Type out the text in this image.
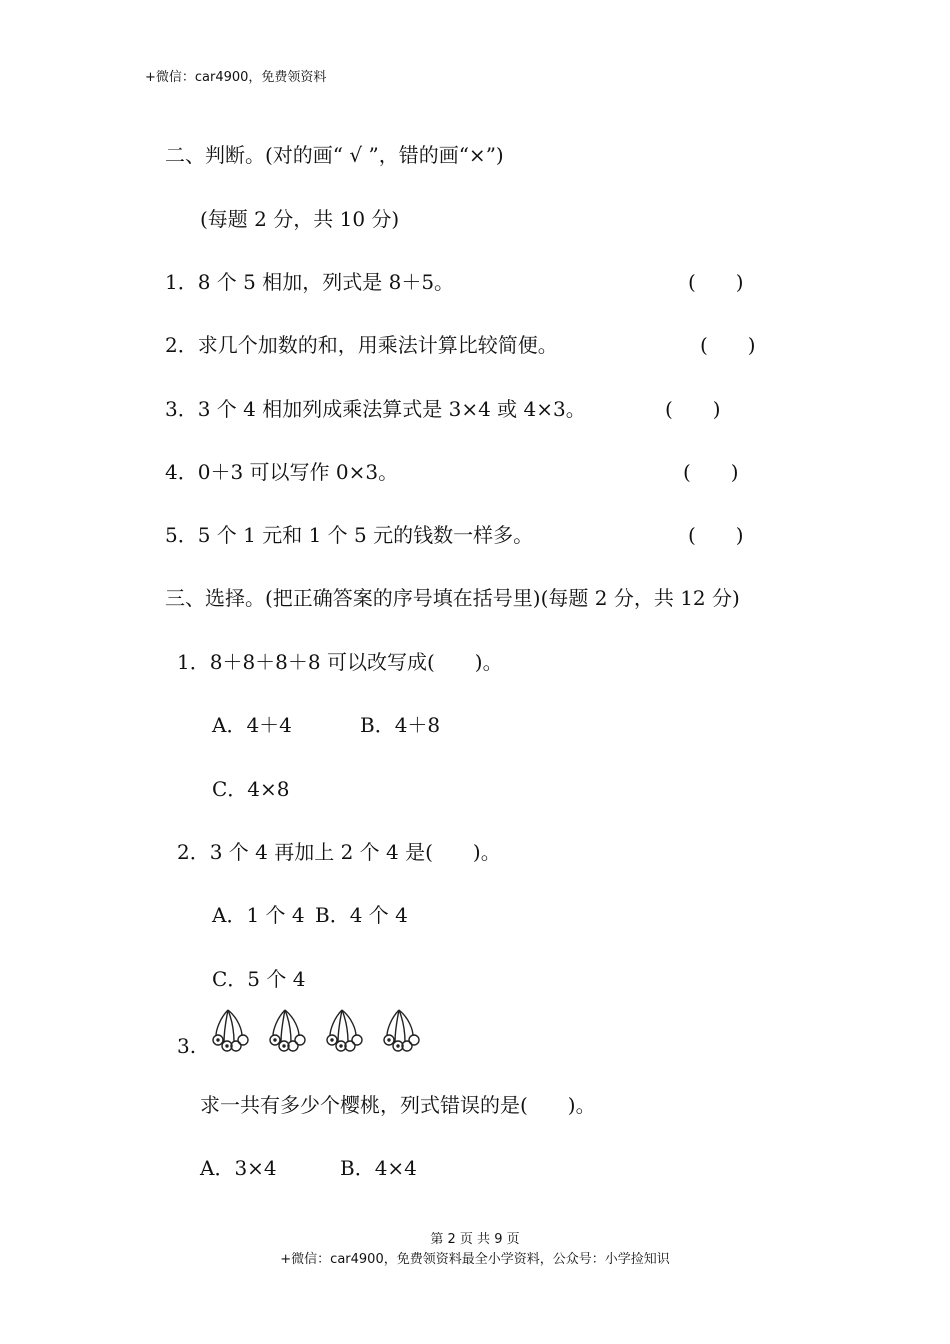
+微信：car4900，免费领资料
二、判断。(对的画“ √ ”，错的画“×”)
(每题 2 分，共 10 分)
1．8 个 5 相加，列式是 8＋5。	(　　)
2．求几个加数的和，用乘法计算比较简便。	(　　)
3．3 个 4 相加列成乘法算式是 3×4 或 4×3。	(　　)
4．0＋3 可以写作 0×3。	(　　)
5．5 个 1 元和 1 个 5 元的钱数一样多。	(　　)
三、选择。(把正确答案的序号填在括号里)(每题 2 分，共 12 分)
1．8＋8＋8＋8 可以改写成(　　)。
A．4＋4	B．4＋8
C．4×8
2．3 个 4 再加上 2 个 4 是(　　)。
A．1 个 4 B．4 个 4
C．5 个 4
3.
求一共有多少个樱桃，列式错误的是(　　)。
A．3×4	B．4×4
第 2 页 共 9 页
+微信：car4900，免费领资料最全小学资料，公众号：小学捡知识
